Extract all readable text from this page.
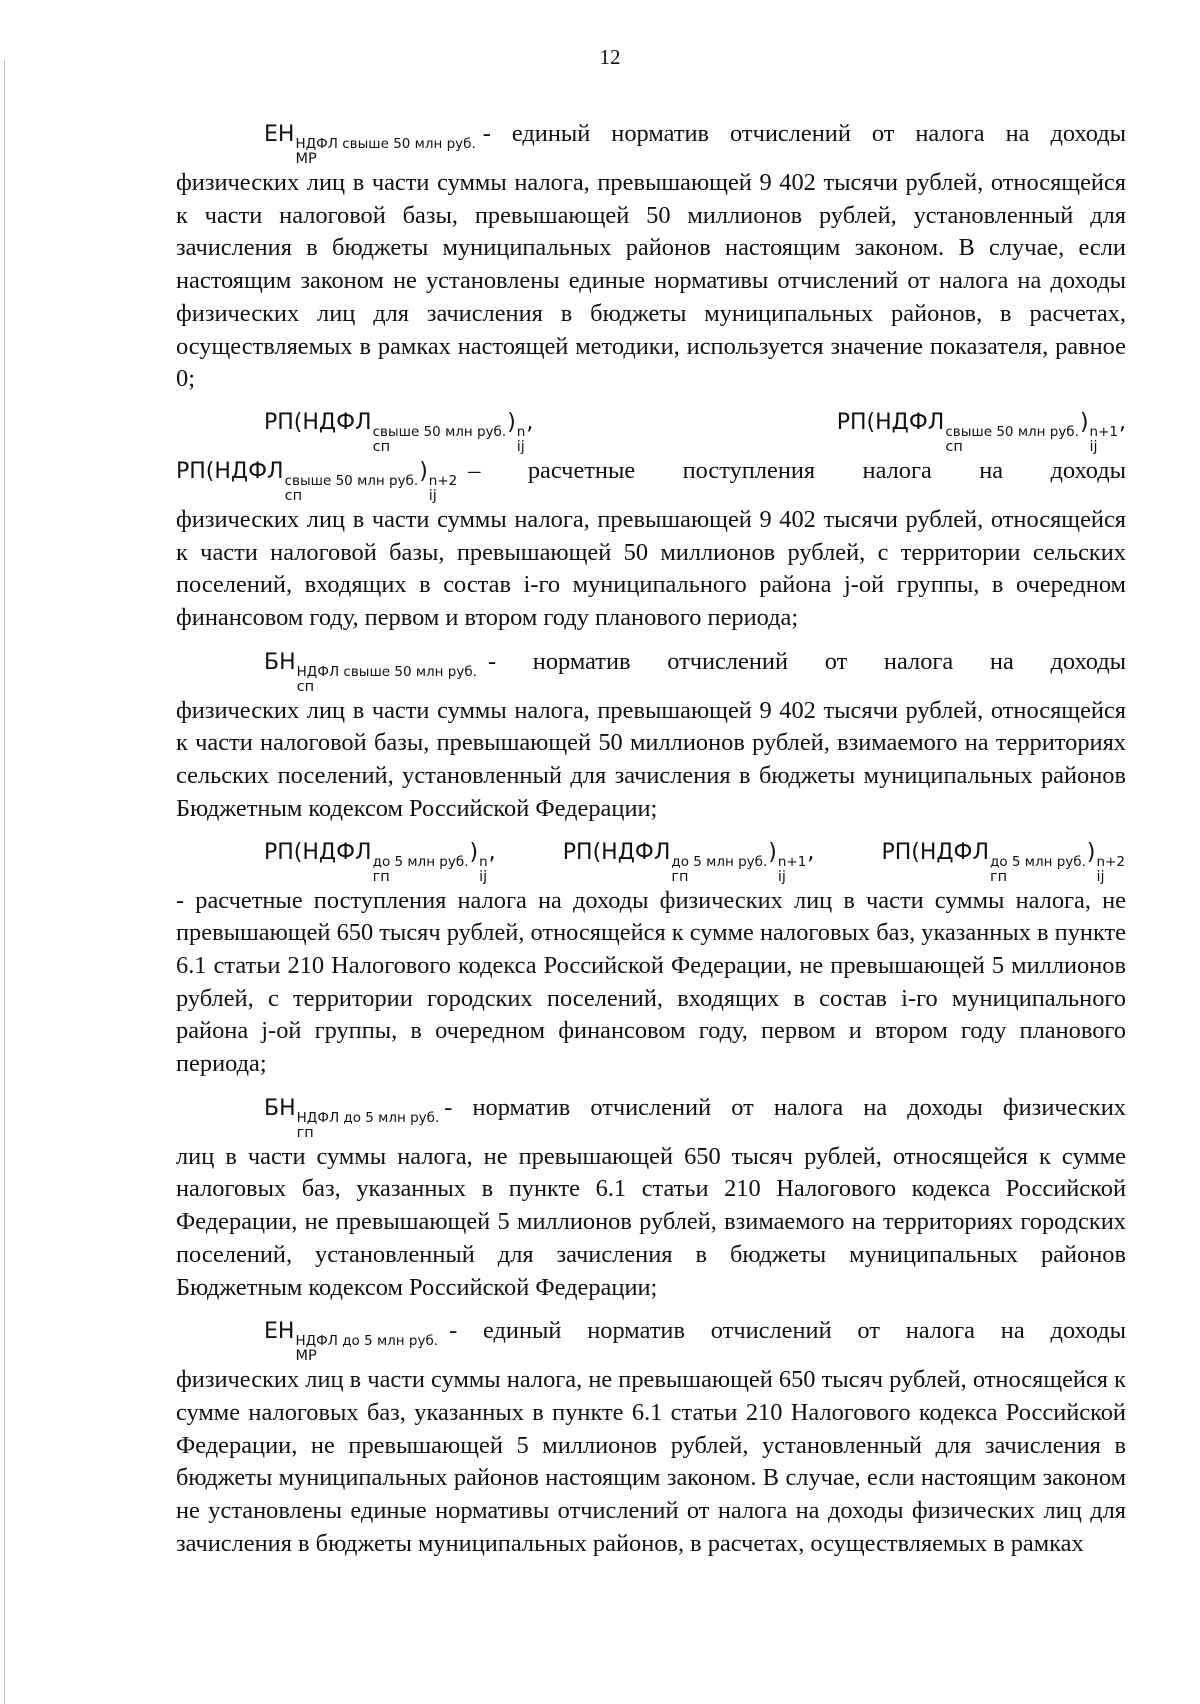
12
ЕН НДФЛ свыше 50 млн руб.
МР
- единый норматив отчислений от налога на доходы
физических лиц в части суммы налога, превышающей 9 402 тысячи рублей, относящейся к части налоговой базы, превышающей 50 миллионов рублей, установленный для зачисления в бюджеты муниципальных районов настоящим законом. В случае, если настоящим законом не установлены единые нормативы отчислений от налога на доходы физических лиц для зачисления в бюджеты муниципальных районов, в расчетах, осуществляемых в рамках настоящей методики, используется значение показателя, равное 0;
РП(НДФЛ свыше 50 млн руб.
сп
) n
ij
,	РП(НДФЛ свыше 50 млн руб.
сп
) n+1
ij
,
РП(НДФЛ свыше 50 млн руб.
сп
) n+2
ij
– расчетные поступления налога на доходы
физических лиц в части суммы налога, превышающей 9 402 тысячи рублей, относящейся к части налоговой базы, превышающей 50 миллионов рублей, с территории сельских поселений, входящих в состав i-го муниципального района j-ой группы, в очередном финансовом году, первом и втором году планового периода;
БН НДФЛ свыше 50 млн руб.
сп
- норматив отчислений от налога на доходы
физических лиц в части суммы налога, превышающей 9 402 тысячи рублей, относящейся к части налоговой базы, превышающей 50 миллионов рублей, взимаемого на территориях сельских поселений, установленный для зачисления в бюджеты муниципальных районов Бюджетным кодексом Российской Федерации;
РП(НДФЛ до 5 млн руб.
гп
) n
ij
,	РП(НДФЛ до 5 млн руб.
гп
) n+1
ij
,	РП(НДФЛ до 5 млн руб.
гп
) n+2
ij
- расчетные поступления налога на доходы физических лиц в части суммы налога, не превышающей 650 тысяч рублей, относящейся к сумме налоговых баз, указанных в пункте 6.1 статьи 210 Налогового кодекса Российской Федерации, не превышающей 5 миллионов рублей, с территории городских поселений, входящих в состав i-го муниципального района j-ой группы, в очередном финансовом году, первом и втором году планового периода;
БН НДФЛ до 5 млн руб.
гп
- норматив отчислений от налога на доходы физических
лиц в части суммы налога, не превышающей 650 тысяч рублей, относящейся к сумме налоговых баз, указанных в пункте 6.1 статьи 210 Налогового кодекса Российской Федерации, не превышающей 5 миллионов рублей, взимаемого на территориях городских поселений, установленный для зачисления в бюджеты муниципальных районов Бюджетным кодексом Российской Федерации;
ЕН НДФЛ до 5 млн руб.
МР
- единый норматив отчислений от налога на доходы
физических лиц в части суммы налога, не превышающей 650 тысяч рублей, относящейся к сумме налоговых баз, указанных в пункте 6.1 статьи 210 Налогового кодекса Российской Федерации, не превышающей 5 миллионов рублей, установленный для зачисления в бюджеты муниципальных районов настоящим законом. В случае, если настоящим законом не установлены единые нормативы отчислений от налога на доходы физических лиц для зачисления в бюджеты муниципальных районов, в расчетах, осуществляемых в рамках
